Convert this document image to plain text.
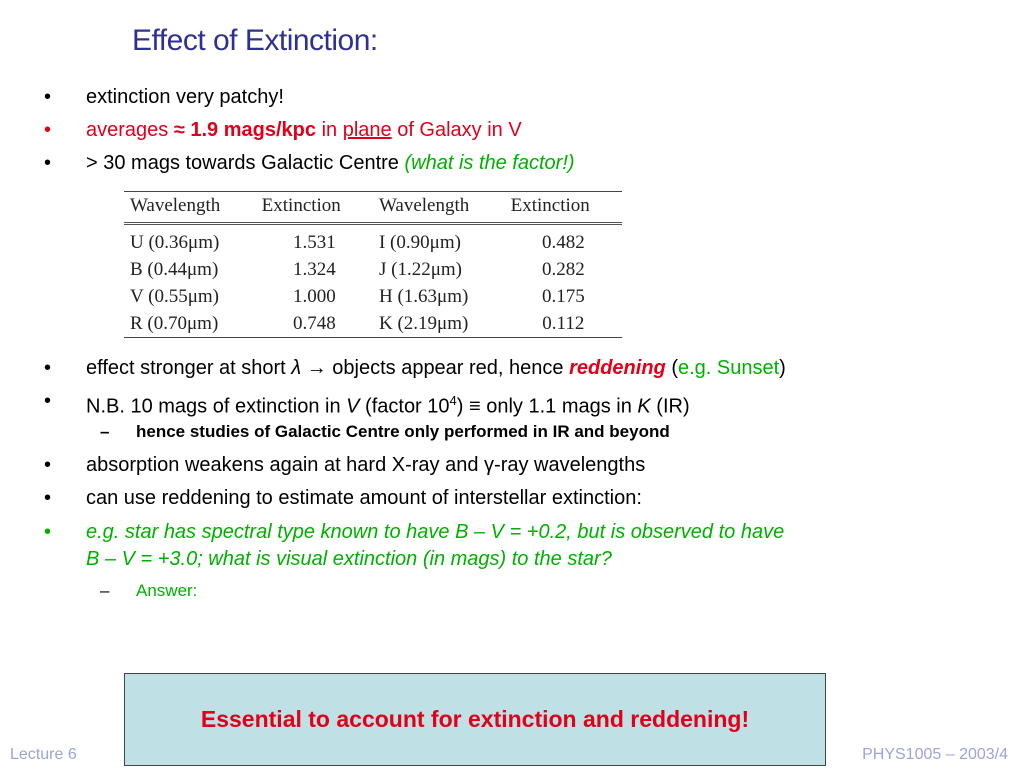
Effect of Extinction:
•	extinction very patchy!
•	averages ≈ 1.9 mags/kpc in plane of Galaxy in V
•	> 30 mags towards Galactic Centre (what is the factor!)
Wavelength	Extinction	Wavelength	Extinction
U (0.36μm)	1.531	I (0.90μm)	0.482
B (0.44μm)	1.324	J (1.22μm)	0.282
V (0.55μm)	1.000	H (1.63μm)	0.175
R (0.70μm)	0.748	K (2.19μm)	0.112
•	effect stronger at short λ → objects appear red, hence reddening (e.g. Sunset)
•	N.B. 10 mags of extinction in V (factor $10^4$) ≡ only 1.1 mags in K (IR)
– hence studies of Galactic Centre only performed in IR and beyond
•	absorption weakens again at hard X-ray and γ-ray wavelengths
•	can use reddening to estimate amount of interstellar extinction:
•	e.g. star has spectral type known to have B – V = +0.2, but is observed to have
B – V = +3.0; what is visual extinction (in mags) to the star?
– Answer:
Essential to account for extinction and reddening!
Lecture 6	PHYS1005 – 2003/4
